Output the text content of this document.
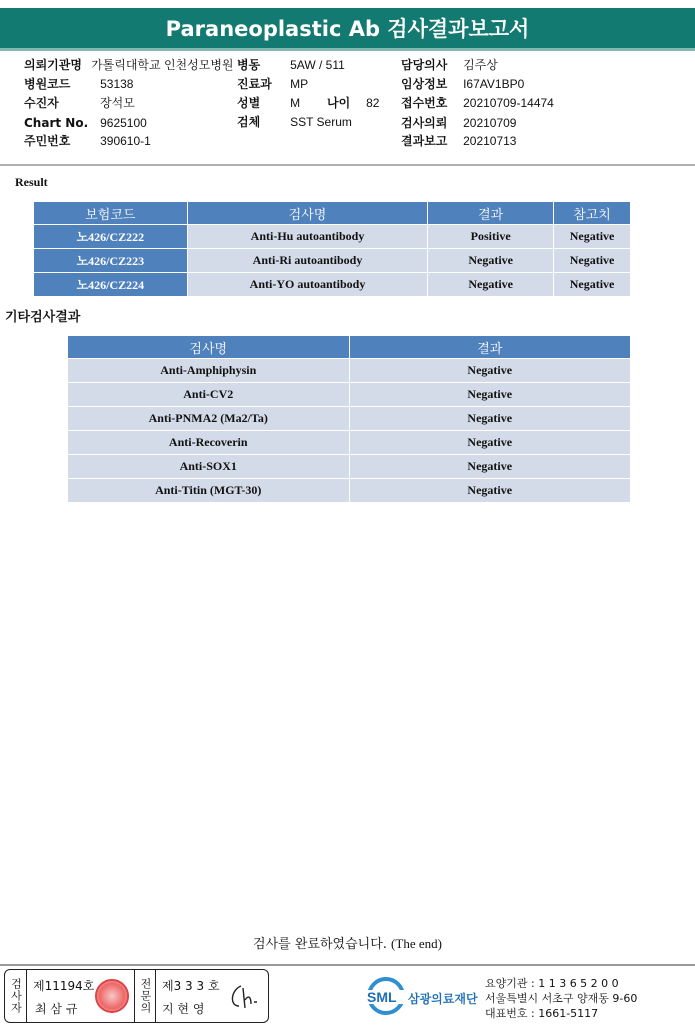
Paraneoplastic Ab 검사결과보고서
의뢰기관명 가톨릭대학교 인천성모병원
병원코드 53138
수진자	장석모
Chart No. 9625100
주민번호 390610-1
병동 5AW / 511
진료과 MP
성별 M 나이 82
검체 SST Serum
담당의사 김주상
임상정보 I67AV1BP0
접수번호 20210709-14474
검사의뢰 20210709
결과보고 20210713
Result
보험코드	검사명	결과	참고치
노426/CZ222	Anti-Hu autoantibody	Positive	Negative
노426/CZ223	Anti-Ri autoantibody	Negative	Negative
노426/CZ224	Anti-YO autoantibody	Negative	Negative
기타검사결과
검사명	결과
Anti-Amphiphysin	Negative
Anti-CV2	Negative
Anti-PNMA2 (Ma2/Ta)	Negative
Anti-Recoverin	Negative
Anti-SOX1	Negative
Anti-Titin (MGT-30)	Negative
검사를 완료하였습니다. (The end)
검사자 제11194호
최 삼 규	전문의 제3 3 3 호
지 현 영
SML 삼광의료재단
요양기관 : 1 1 3 6 5 2 0 0
서울특별시 서초구 양재동 9-60
대표번호 : 1661-5117
